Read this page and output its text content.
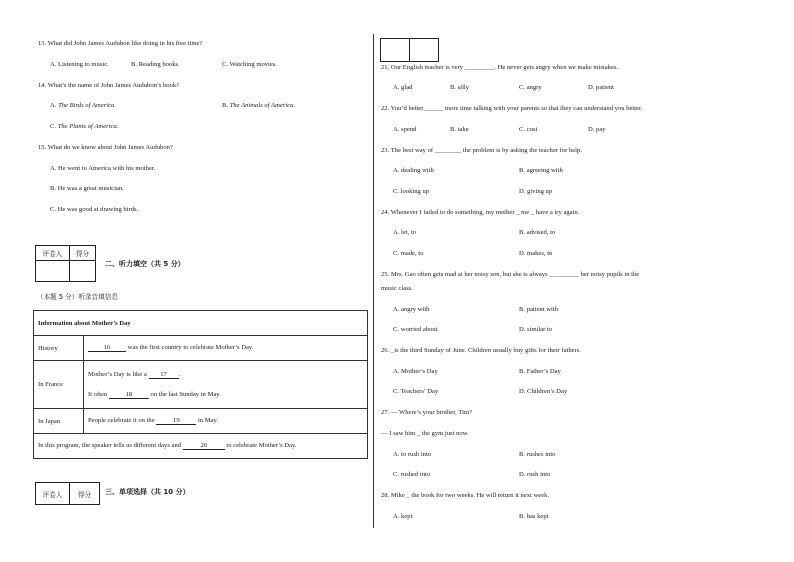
13. What did John James Audubon like doing in his free time?
A. Listening to music.	B. Reading books.	C. Watching movies.
14. What’s the name of John James Audubon’s book?
A. The Birds of America.	B. The Animals of America.
C. The Plants of America.
15. What do we know about John James Audubon?
A. He went to America with his mother.
B. He was a great musician.
C. He was good at drawing birds.
评卷人	得分

二、听力填空（共 5 分）
（本题 5 分）听录音填信息
Information about Mother’s Day	
History	16 was the first country to celebrate Mother’s Day.
In France	Mother’s Day is like a 17 .
It often 18 on the last Sunday in May.

In Japan	People celebrate it on the 19 in May.
In this program, the speaker tells us different days and 20 to celebrate Mother’s Day.	
评卷人	得分 三、单项选择（共 10 分）

21. Our English teacher is very _________. He never gets angry when we make mistakes.
A. glad	B. silly	C. angry	D. patient
22. You’d better______ more time talking with your parents so that they can understand you better.
A. spend	B. take	C. cost	D. pay
23. The best way of ________ the problem is by asking the teacher for help.
A. dealing with	B. agreeing with
C. looking up	D. giving up
24. Whenever I failed to do something, my mother _ me _ have a try again.
A. let, to	B. advised, to
C. made, to	D. makes, to
25. Mrs. Gao often gets mad at her noisy son, but she is always _________ her noisy pupils in the
music class.
A. angry with	B. patient with
C. worried about	D. similar to
26. _is the third Sunday of June. Children usually buy gifts for their fathers.
A. Mother’s Day	B. Father’s Day
C. Teachers’ Day	D. Children’s Day
27. — Where’s your brother, Tim?
— I saw him _ the gym just now.
A. to rush into	B. rushes into
C. rushed into	D. rush into
28. Mike _ the book for two weeks. He will return it next week.
A. kept	B. has kept
